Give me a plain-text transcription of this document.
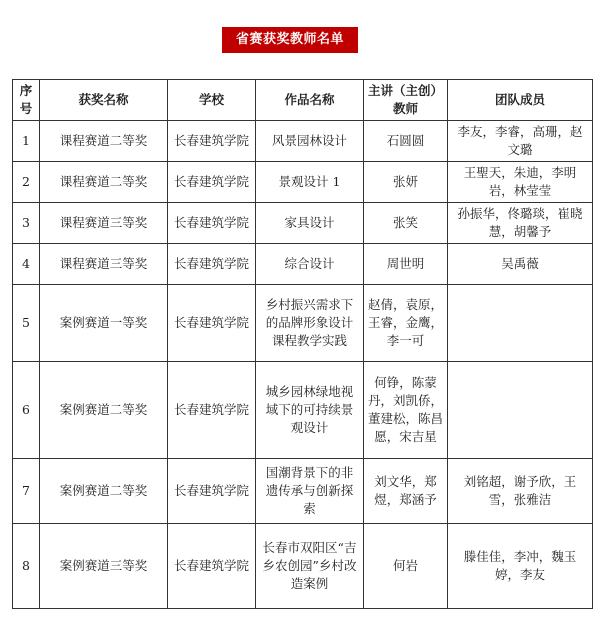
省赛获奖教师名单
序号	获奖名称	学校	作品名称	主讲（主创）教师	团队成员
1	课程赛道二等奖	长春建筑学院	风景园林设计	石圆圆	李友，李睿，高珊，赵文璐
2	课程赛道二等奖	长春建筑学院	景观设计 1	张妍	王聖天，朱迪，李明岩，林莹莹
3	课程赛道三等奖	长春建筑学院	家具设计	张笑	孙振华，佟璐琰，崔晓慧，胡馨予
4	课程赛道三等奖	长春建筑学院	综合设计	周世明	吴禹薇
5	案例赛道一等奖	长春建筑学院	乡村振兴需求下的品牌形象设计课程教学实践	赵倩，袁原，王睿，金鹰，李一可	
6	案例赛道二等奖	长春建筑学院	城乡园林绿地视域下的可持续景观设计	何铮，陈蒙丹，刘凯侨，董建松，陈昌愿，宋吉星	
7	案例赛道二等奖	长春建筑学院	国潮背景下的非遗传承与创新探索	刘文华，郑煜，郑涵予	刘铭超，谢予欣，王雪，张雅洁
8	案例赛道三等奖	长春建筑学院	长春市双阳区“吉乡农创园”乡村改造案例	何岩	滕佳佳，李冲，魏玉婷，李友
